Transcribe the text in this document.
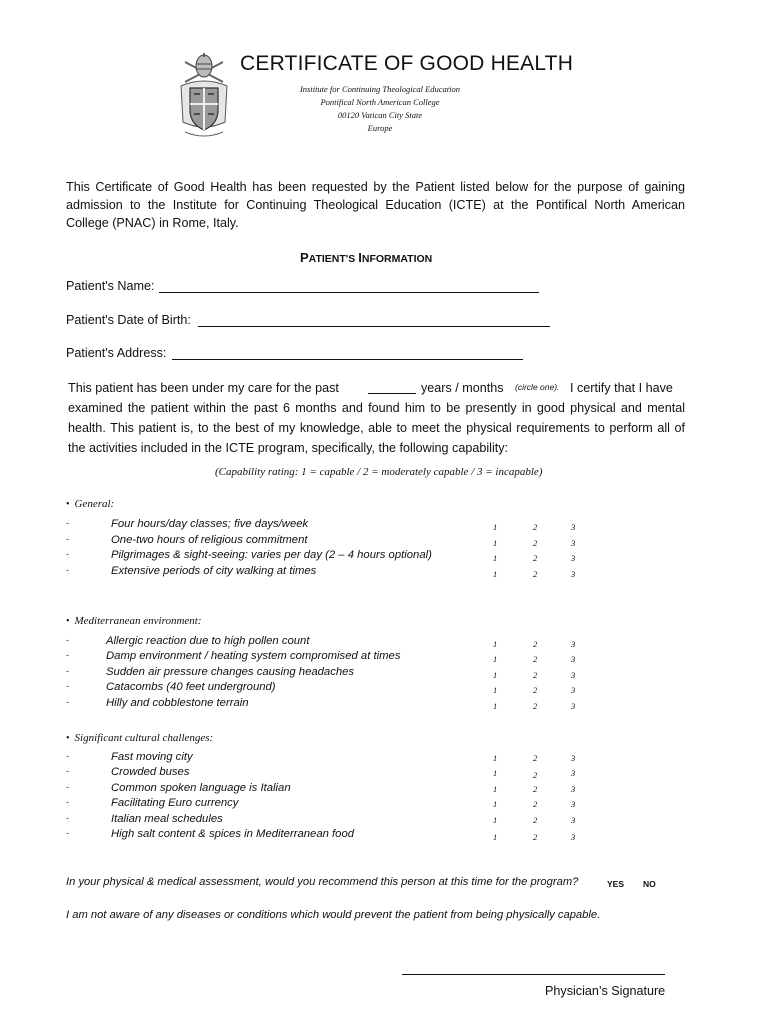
CERTIFICATE OF GOOD HEALTH
Institute for Continuing Theological Education
Pontifical North American College
00120 Vatican City State
Europe
This Certificate of Good Health has been requested by the Patient listed below for the purpose of gaining
admission to the Institute for Continuing Theological Education (ICTE) at the Pontifical North American
College (PNAC) in Rome, Italy.
PATIENT'S INFORMATION
Patient's Name:
Patient's Date of Birth:
Patient's Address:
This patient has been under my care for the past	years / months (circle one). I certify that I have
examined the patient within the past 6 months and found him to be presently in good physical and mental
health. This patient is, to the best of my knowledge, able to meet the physical requirements to perform all of
the activities included in the ICTE program, specifically, the following capability:
(Capability rating: 1 = capable / 2 = moderately capable / 3 = incapable)
• General:
• Mediterranean environment:
• Significant cultural challenges:
-	Four hours/day classes; five days/week	1	2	3
-	One-two hours of religious commitment	1	2	3
-	Pilgrimages & sight-seeing: varies per day (2 – 4 hours optional)	1	2	3
-	Extensive periods of city walking at times	1	2	3
-	Allergic reaction due to high pollen count	1	2	3
-	Damp environment / heating system compromised at times	1	2	3
-	Sudden air pressure changes causing headaches	1	2	3
-	Catacombs (40 feet underground)	1	2	3
-	Hilly and cobblestone terrain	1	2	3
-	Fast moving city	1	2	3
-	Crowded buses	1	2	3
-	Common spoken language is Italian	1	2	3
-	Facilitating Euro currency	1	2	3
-	Italian meal schedules	1	2	3
-	High salt content & spices in Mediterranean food	1	2	3
In your physical & medical assessment, would you recommend this person at this time for the program?	YES NO
I am not aware of any diseases or conditions which would prevent the patient from being physically capable.
Physician’s Signature
